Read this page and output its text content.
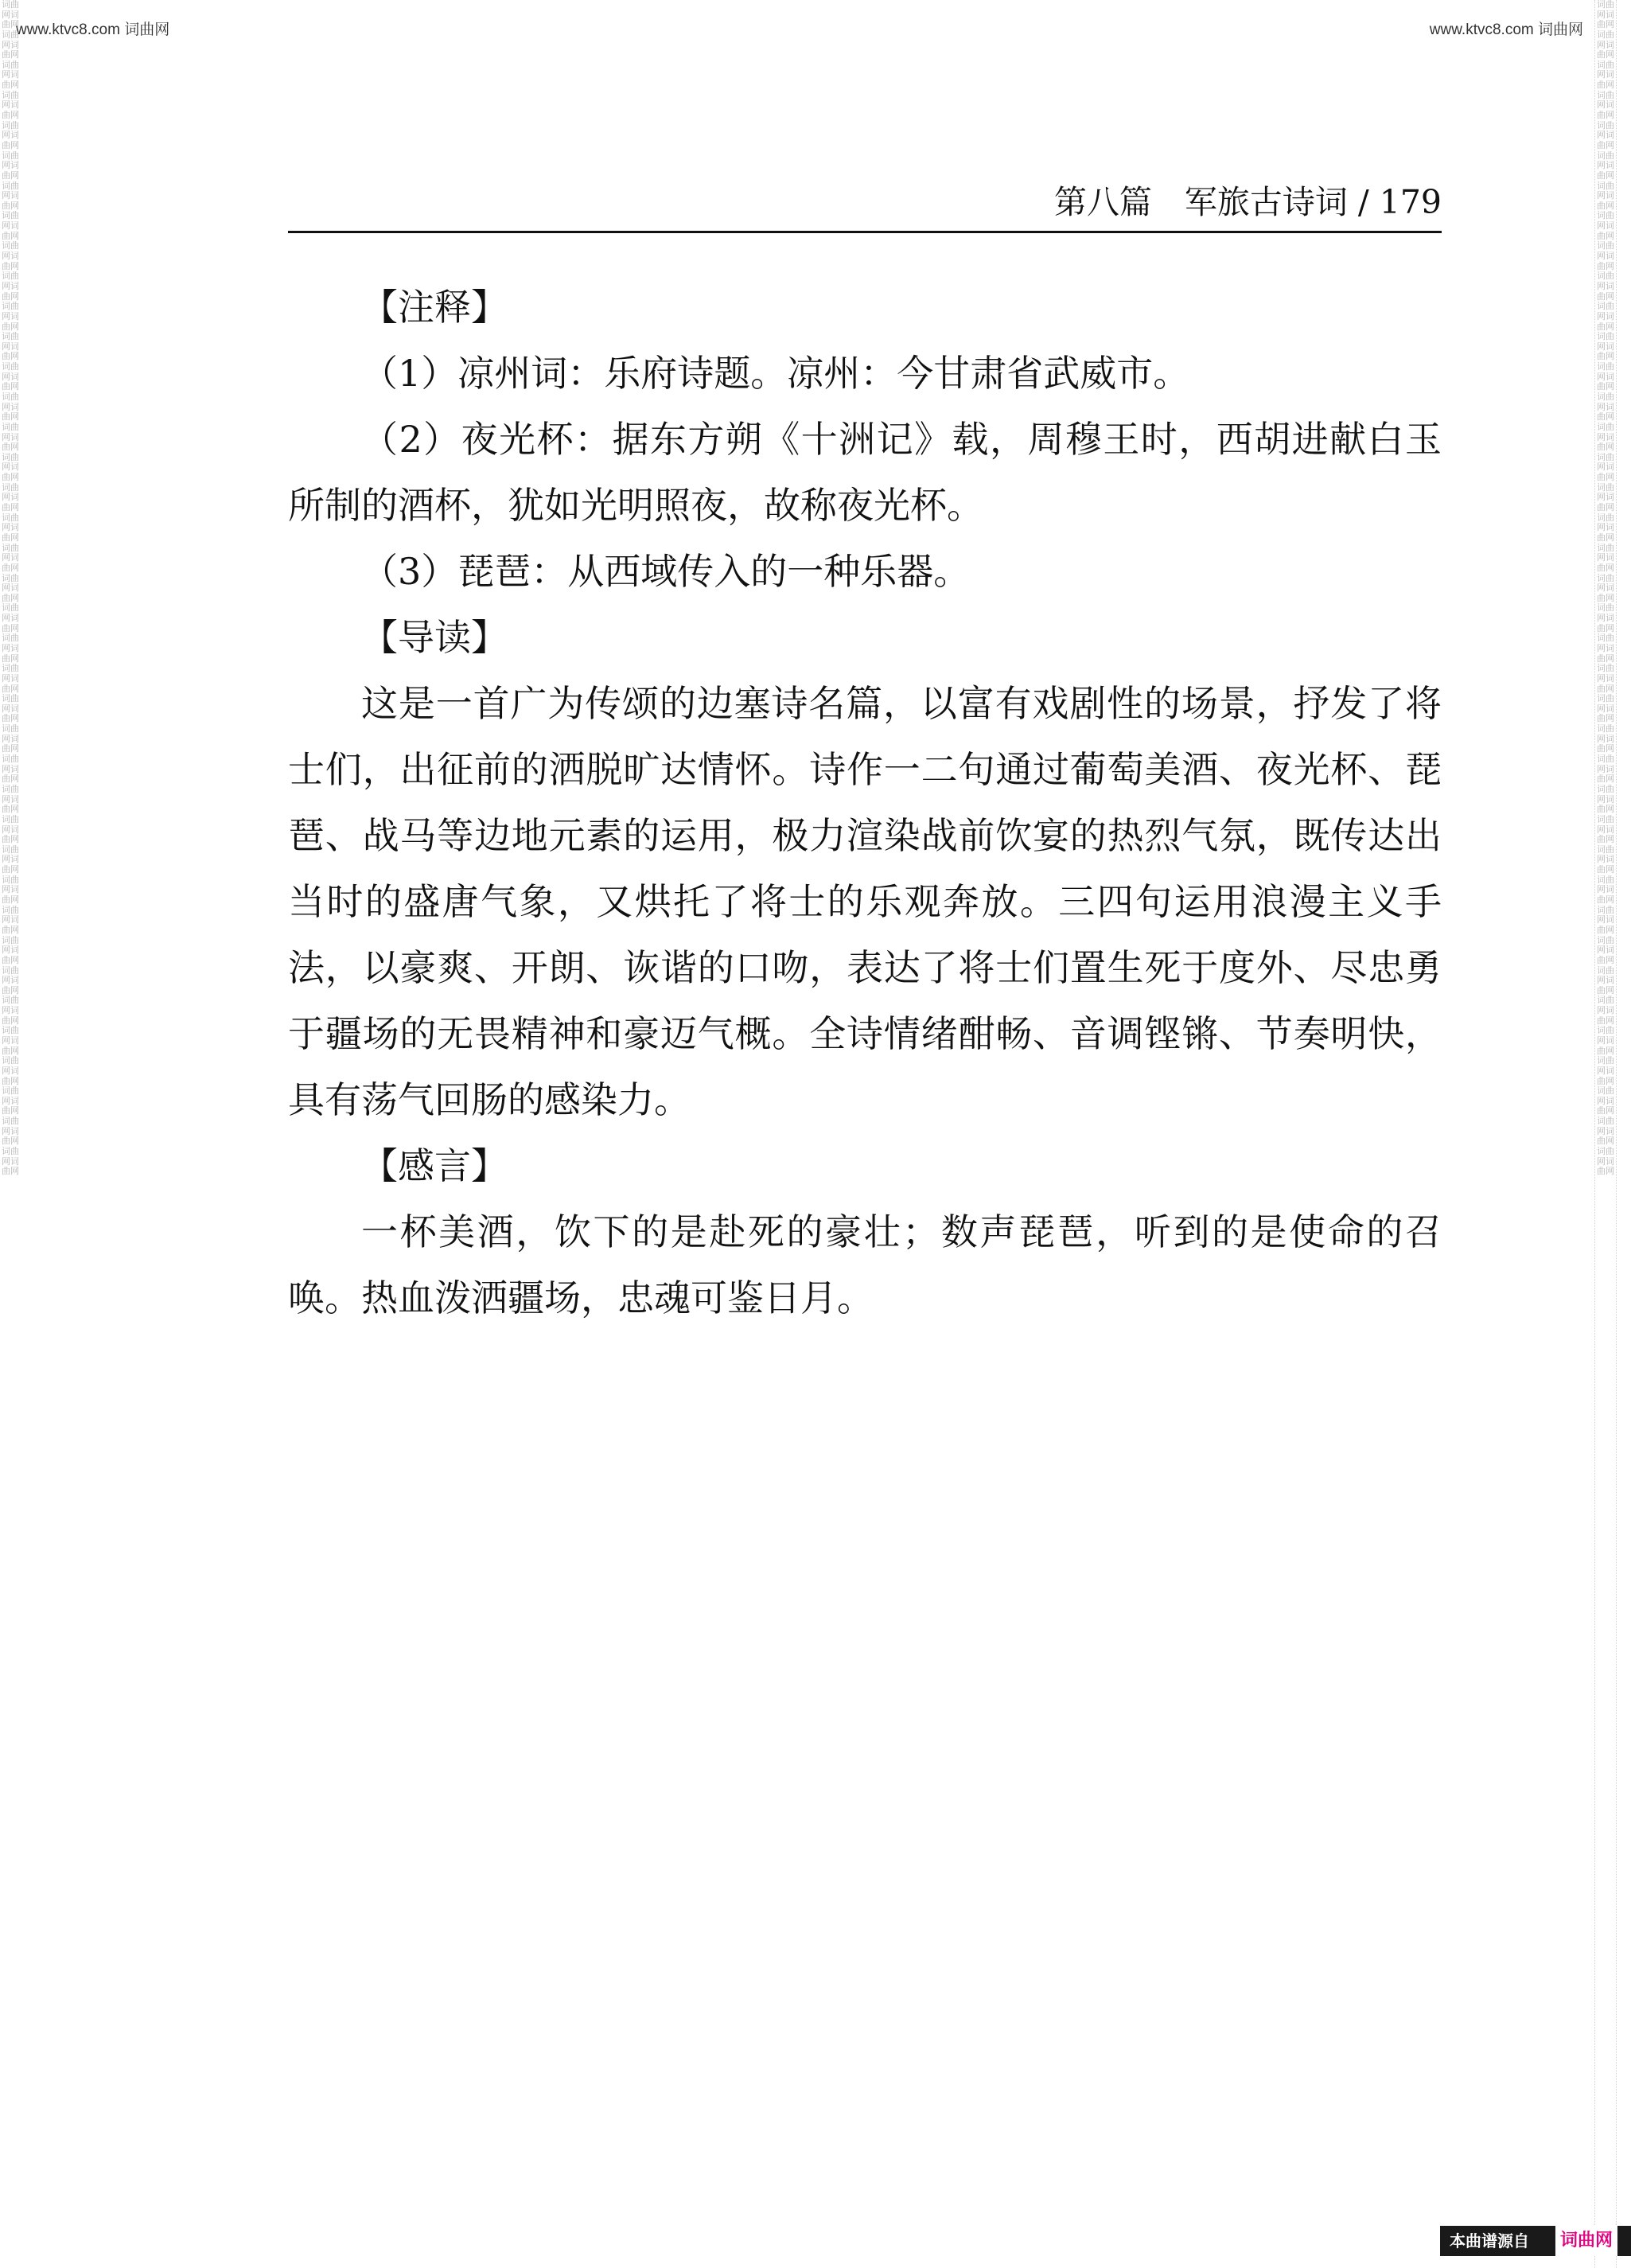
www.ktvc8.com 词曲网	www.ktvc8.com 词曲网
词曲网词曲网词曲网词曲网词曲网词曲网词曲网词曲网词曲网词曲网词曲网词曲网词曲网词曲网词曲网词曲网词曲网词曲网词曲网词曲网词曲网词曲网词曲网词曲网词曲网词曲网词曲网词曲网词曲网词曲网词曲网词曲网词曲网词曲网词曲网词曲网词曲网词曲网词曲网词曲网词曲网词曲网词曲网词曲网词曲网词曲网词曲网词曲网词曲网词曲网词曲网词曲网词曲网词曲网词曲网词曲网词曲网词曲网词曲网词曲网词曲网词曲网词曲网词曲网词曲网词曲网词曲网词曲网词曲网词曲网词曲网词曲网词曲网词曲网词曲网词曲网词曲网词曲网
词曲网词曲网词曲网词曲网词曲网词曲网词曲网词曲网词曲网词曲网词曲网词曲网词曲网词曲网词曲网词曲网词曲网词曲网词曲网词曲网词曲网词曲网词曲网词曲网词曲网词曲网词曲网词曲网词曲网词曲网词曲网词曲网词曲网词曲网词曲网词曲网词曲网词曲网词曲网词曲网词曲网词曲网词曲网词曲网词曲网词曲网词曲网词曲网词曲网词曲网词曲网词曲网词曲网词曲网词曲网词曲网词曲网词曲网词曲网词曲网词曲网词曲网词曲网词曲网词曲网词曲网词曲网词曲网词曲网词曲网词曲网词曲网词曲网词曲网词曲网词曲网词曲网词曲网
第八篇　军旅古诗词 / 179

【注释】

（1）凉州词：乐府诗题。凉州：今甘肃省武威市。

（2）夜光杯：据东方朔《十洲记》载，周穆王时，西胡进献白玉所制的酒杯，犹如光明照夜，故称夜光杯。

（3）琵琶：从西域传入的一种乐器。

【导读】

这是一首广为传颂的边塞诗名篇，以富有戏剧性的场景，抒发了将士们，出征前的洒脱旷达情怀。诗作一二句通过葡萄美酒、夜光杯、琵琶、战马等边地元素的运用，极力渲染战前饮宴的热烈气氛，既传达出当时的盛唐气象，又烘托了将士的乐观奔放。三四句运用浪漫主义手法，以豪爽、开朗、诙谐的口吻，表达了将士们置生死于度外、尽忠勇于疆场的无畏精神和豪迈气概。全诗情绪酣畅、音调铿锵、节奏明快，具有荡气回肠的感染力。

【感言】

一杯美酒，饮下的是赴死的豪壮；数声琵琶，听到的是使命的召唤。热血泼洒疆场，忠魂可鉴日月。

本曲谱源自 词曲网
